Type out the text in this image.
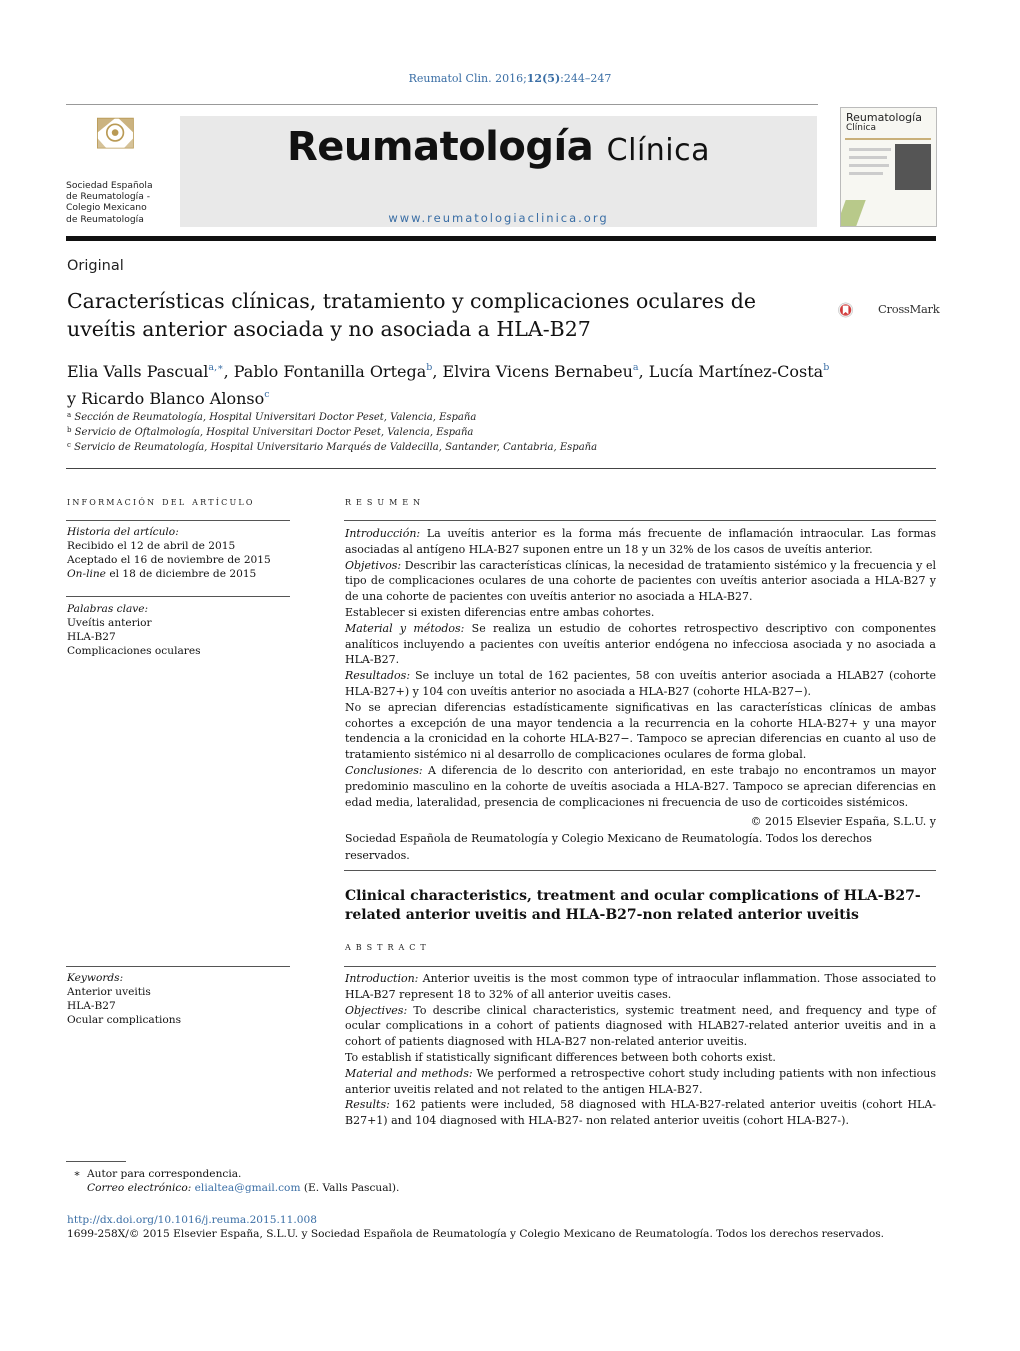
Reumatol Clin. 2016;12(5):244–247
Sociedad Española
de Reumatología -
Colegio Mexicano
de Reumatología
Reumatología Clínica
www.reumatologiaclinica.org
Reumatología
Clínica
Original
Características clínicas, tratamiento y complicaciones oculares de uveítis anterior asociada y no asociada a HLA-B27
CrossMark
Elia Valls Pascual$^{a,∗}$, Pablo Fontanilla Ortega$^b$, Elvira Vicens Bernabeu$^a$, Lucía Martínez-Costa$^b$
y Ricardo Blanco Alonso$^c$
$^a$ Sección de Reumatología, Hospital Universitari Doctor Peset, Valencia, España
$^b$ Servicio de Oftalmología, Hospital Universitari Doctor Peset, Valencia, España
$^c$ Servicio de Reumatología, Hospital Universitario Marqués de Valdecilla, Santander, Cantabria, España
información del artículo
Historia del artículo:
Recibido el 12 de abril de 2015
Aceptado el 16 de noviembre de 2015
On-line el 18 de diciembre de 2015
Palabras clave:
Uveítis anterior
HLA-B27
Complicaciones oculares
Keywords:
Anterior uveitis
HLA-B27
Ocular complications
resumen

Introducción: La uveítis anterior es la forma más frecuente de inflamación intraocular. Las formas asociadas al antígeno HLA-B27 suponen entre un 18 y un 32% de los casos de uveítis anterior.

Objetivos: Describir las características clínicas, la necesidad de tratamiento sistémico y la frecuencia y el tipo de complicaciones oculares de una cohorte de pacientes con uveítis anterior asociada a HLA-B27 y de una cohorte de pacientes con uveítis anterior no asociada a HLA-B27.

Establecer si existen diferencias entre ambas cohortes.

Material y métodos: Se realiza un estudio de cohortes retrospectivo descriptivo con componentes analíticos incluyendo a pacientes con uveítis anterior endógena no infecciosa asociada y no asociada a HLA-B27.

Resultados: Se incluye un total de 162 pacientes, 58 con uveítis anterior asociada a HLAB27 (cohorte HLA-B27+) y 104 con uveítis anterior no asociada a HLA-B27 (cohorte HLA-B27−).

No se aprecian diferencias estadísticamente significativas en las características clínicas de ambas cohortes a excepción de una mayor tendencia a la recurrencia en la cohorte HLA-B27+ y una mayor tendencia a la cronicidad en la cohorte HLA-B27−. Tampoco se aprecian diferencias en cuanto al uso de tratamiento sistémico ni al desarrollo de complicaciones oculares de forma global.

Conclusiones: A diferencia de lo descrito con anterioridad, en este trabajo no encontramos un mayor predominio masculino en la cohorte de uveítis asociada a HLA-B27. Tampoco se aprecian diferencias en edad media, lateralidad, presencia de complicaciones ni frecuencia de uso de corticoides sistémicos.

© 2015 Elsevier España, S.L.U. y
Sociedad Española de Reumatología y Colegio Mexicano de Reumatología. Todos los derechos reservados.
Clinical characteristics, treatment and ocular complications of HLA-B27-related anterior uveitis and HLA-B27-non related anterior uveitis
abstract

Introduction: Anterior uveitis is the most common type of intraocular inflammation. Those associated to HLA-B27 represent 18 to 32% of all anterior uveitis cases.

Objectives: To describe clinical characteristics, systemic treatment need, and frequency and type of ocular complications in a cohort of patients diagnosed with HLAB27-related anterior uveitis and in a cohort of patients diagnosed with HLA-B27 non-related anterior uveitis.

To establish if statistically significant differences between both cohorts exist.

Material and methods: We performed a retrospective cohort study including patients with non infectious anterior uveitis related and not related to the antigen HLA-B27.

Results: 162 patients were included, 58 diagnosed with HLA-B27-related anterior uveitis (cohort HLA-B27+1) and 104 diagnosed with HLA-B27- non related anterior uveitis (cohort HLA-B27-).

∗ Autor para correspondencia.
Correo electrónico: elialtea@gmail.com (E. Valls Pascual).
http://dx.doi.org/10.1016/j.reuma.2015.11.008
1699-258X/© 2015 Elsevier España, S.L.U. y Sociedad Española de Reumatología y Colegio Mexicano de Reumatología. Todos los derechos reservados.
